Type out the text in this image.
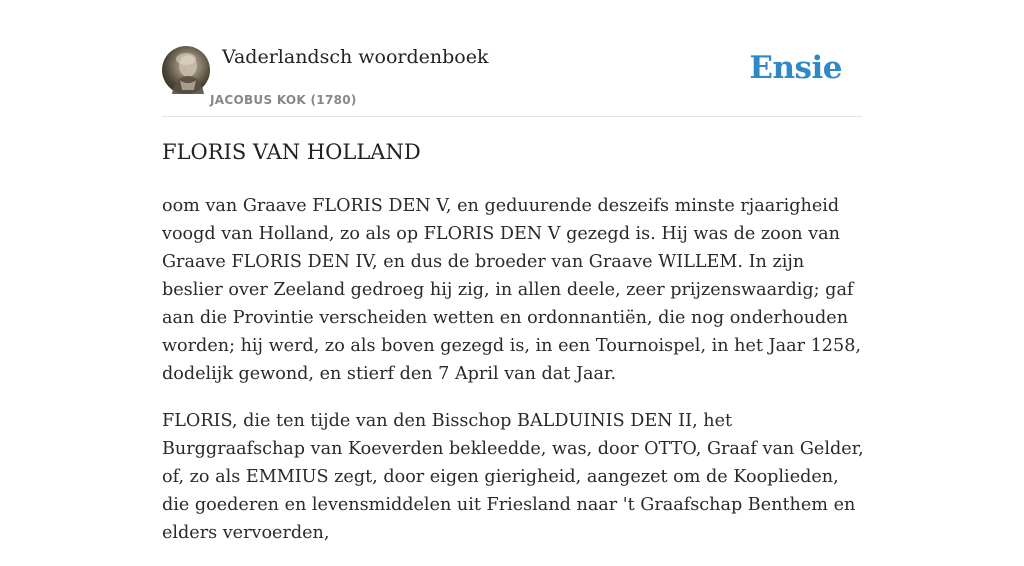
Vaderlandsch woordenboek
JACOBUS KOK (1780)
Ensie
FLORIS VAN HOLLAND

oom van Graave FLORIS DEN V, en geduurende deszeifs minste rjaarigheid voogd van Holland, zo als op FLORIS DEN V gezegd is. Hij was de zoon van Graave FLORIS DEN IV, en dus de broeder van Graave WILLEM. In zijn beslier over Zeeland gedroeg hij zig, in allen deele, zeer prijzenswaardig; gaf aan die Provintie verscheiden wetten en ordonnantiën, die nog onderhouden worden; hij werd, zo als boven gezegd is, in een Tournoispel, in het Jaar 1258, dodelijk gewond, en stierf den 7 April van dat Jaar.

FLORIS, die ten tijde van den Bisschop BALDUINIS DEN II, het Burggraafschap van Koeverden bekleedde, was, door OTTO, Graaf van Gelder, of, zo als EMMIUS zegt, door eigen gierigheid, aangezet om de Kooplieden, die goederen en levensmiddelen uit Friesland naar 't Graafschap Benthem en elders vervoerden,
